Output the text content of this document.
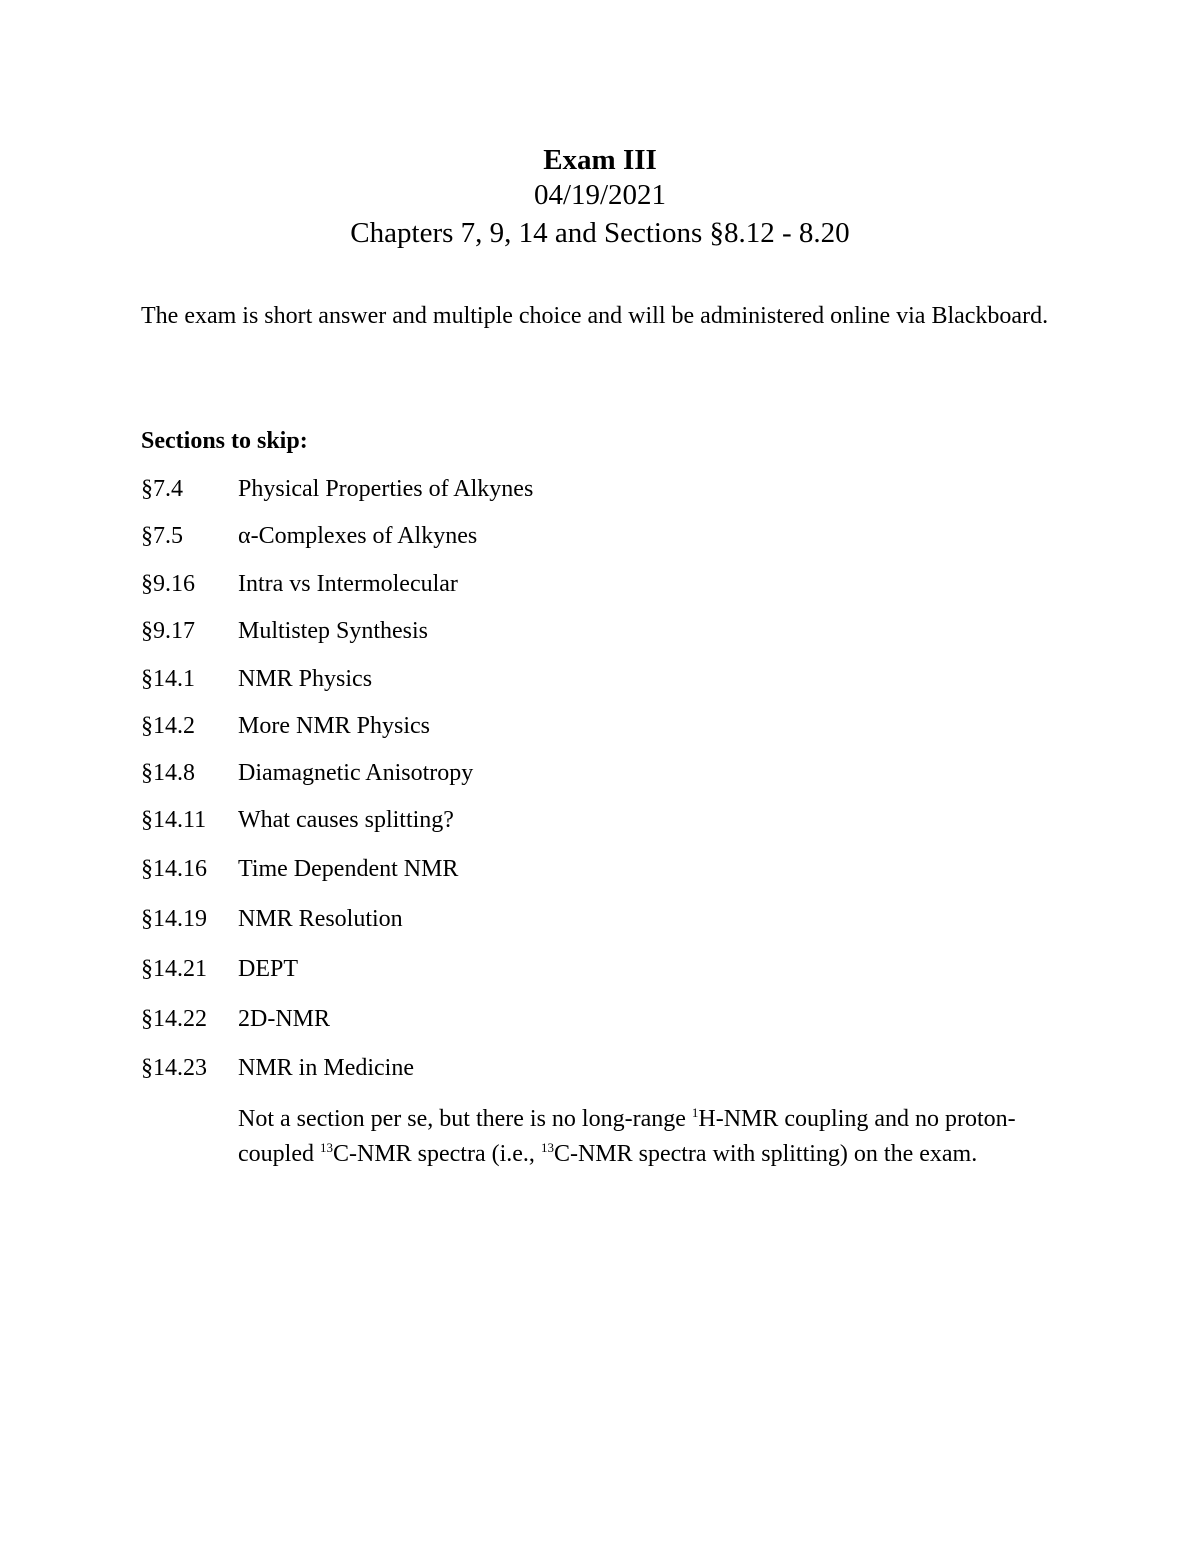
Exam III
04/19/2021
Chapters 7, 9, 14 and Sections §8.12 - 8.20
The exam is short answer and multiple choice and will be administered online via Blackboard.
Sections to skip:
§7.4 Physical Properties of Alkynes
§7.5 α-Complexes of Alkynes
§9.16 Intra vs Intermolecular
§9.17 Multistep Synthesis
§14.1 NMR Physics
§14.2 More NMR Physics
§14.8 Diamagnetic Anisotropy
§14.11 What causes splitting?
§14.16 Time Dependent NMR
§14.19 NMR Resolution
§14.21 DEPT
§14.22 2D-NMR
§14.23 NMR in Medicine
Not a section per se, but there is no long-range $^1$H-NMR coupling and no proton-coupled $^{13}$C-NMR spectra (i.e., $^{13}$C-NMR spectra with splitting) on the exam.
